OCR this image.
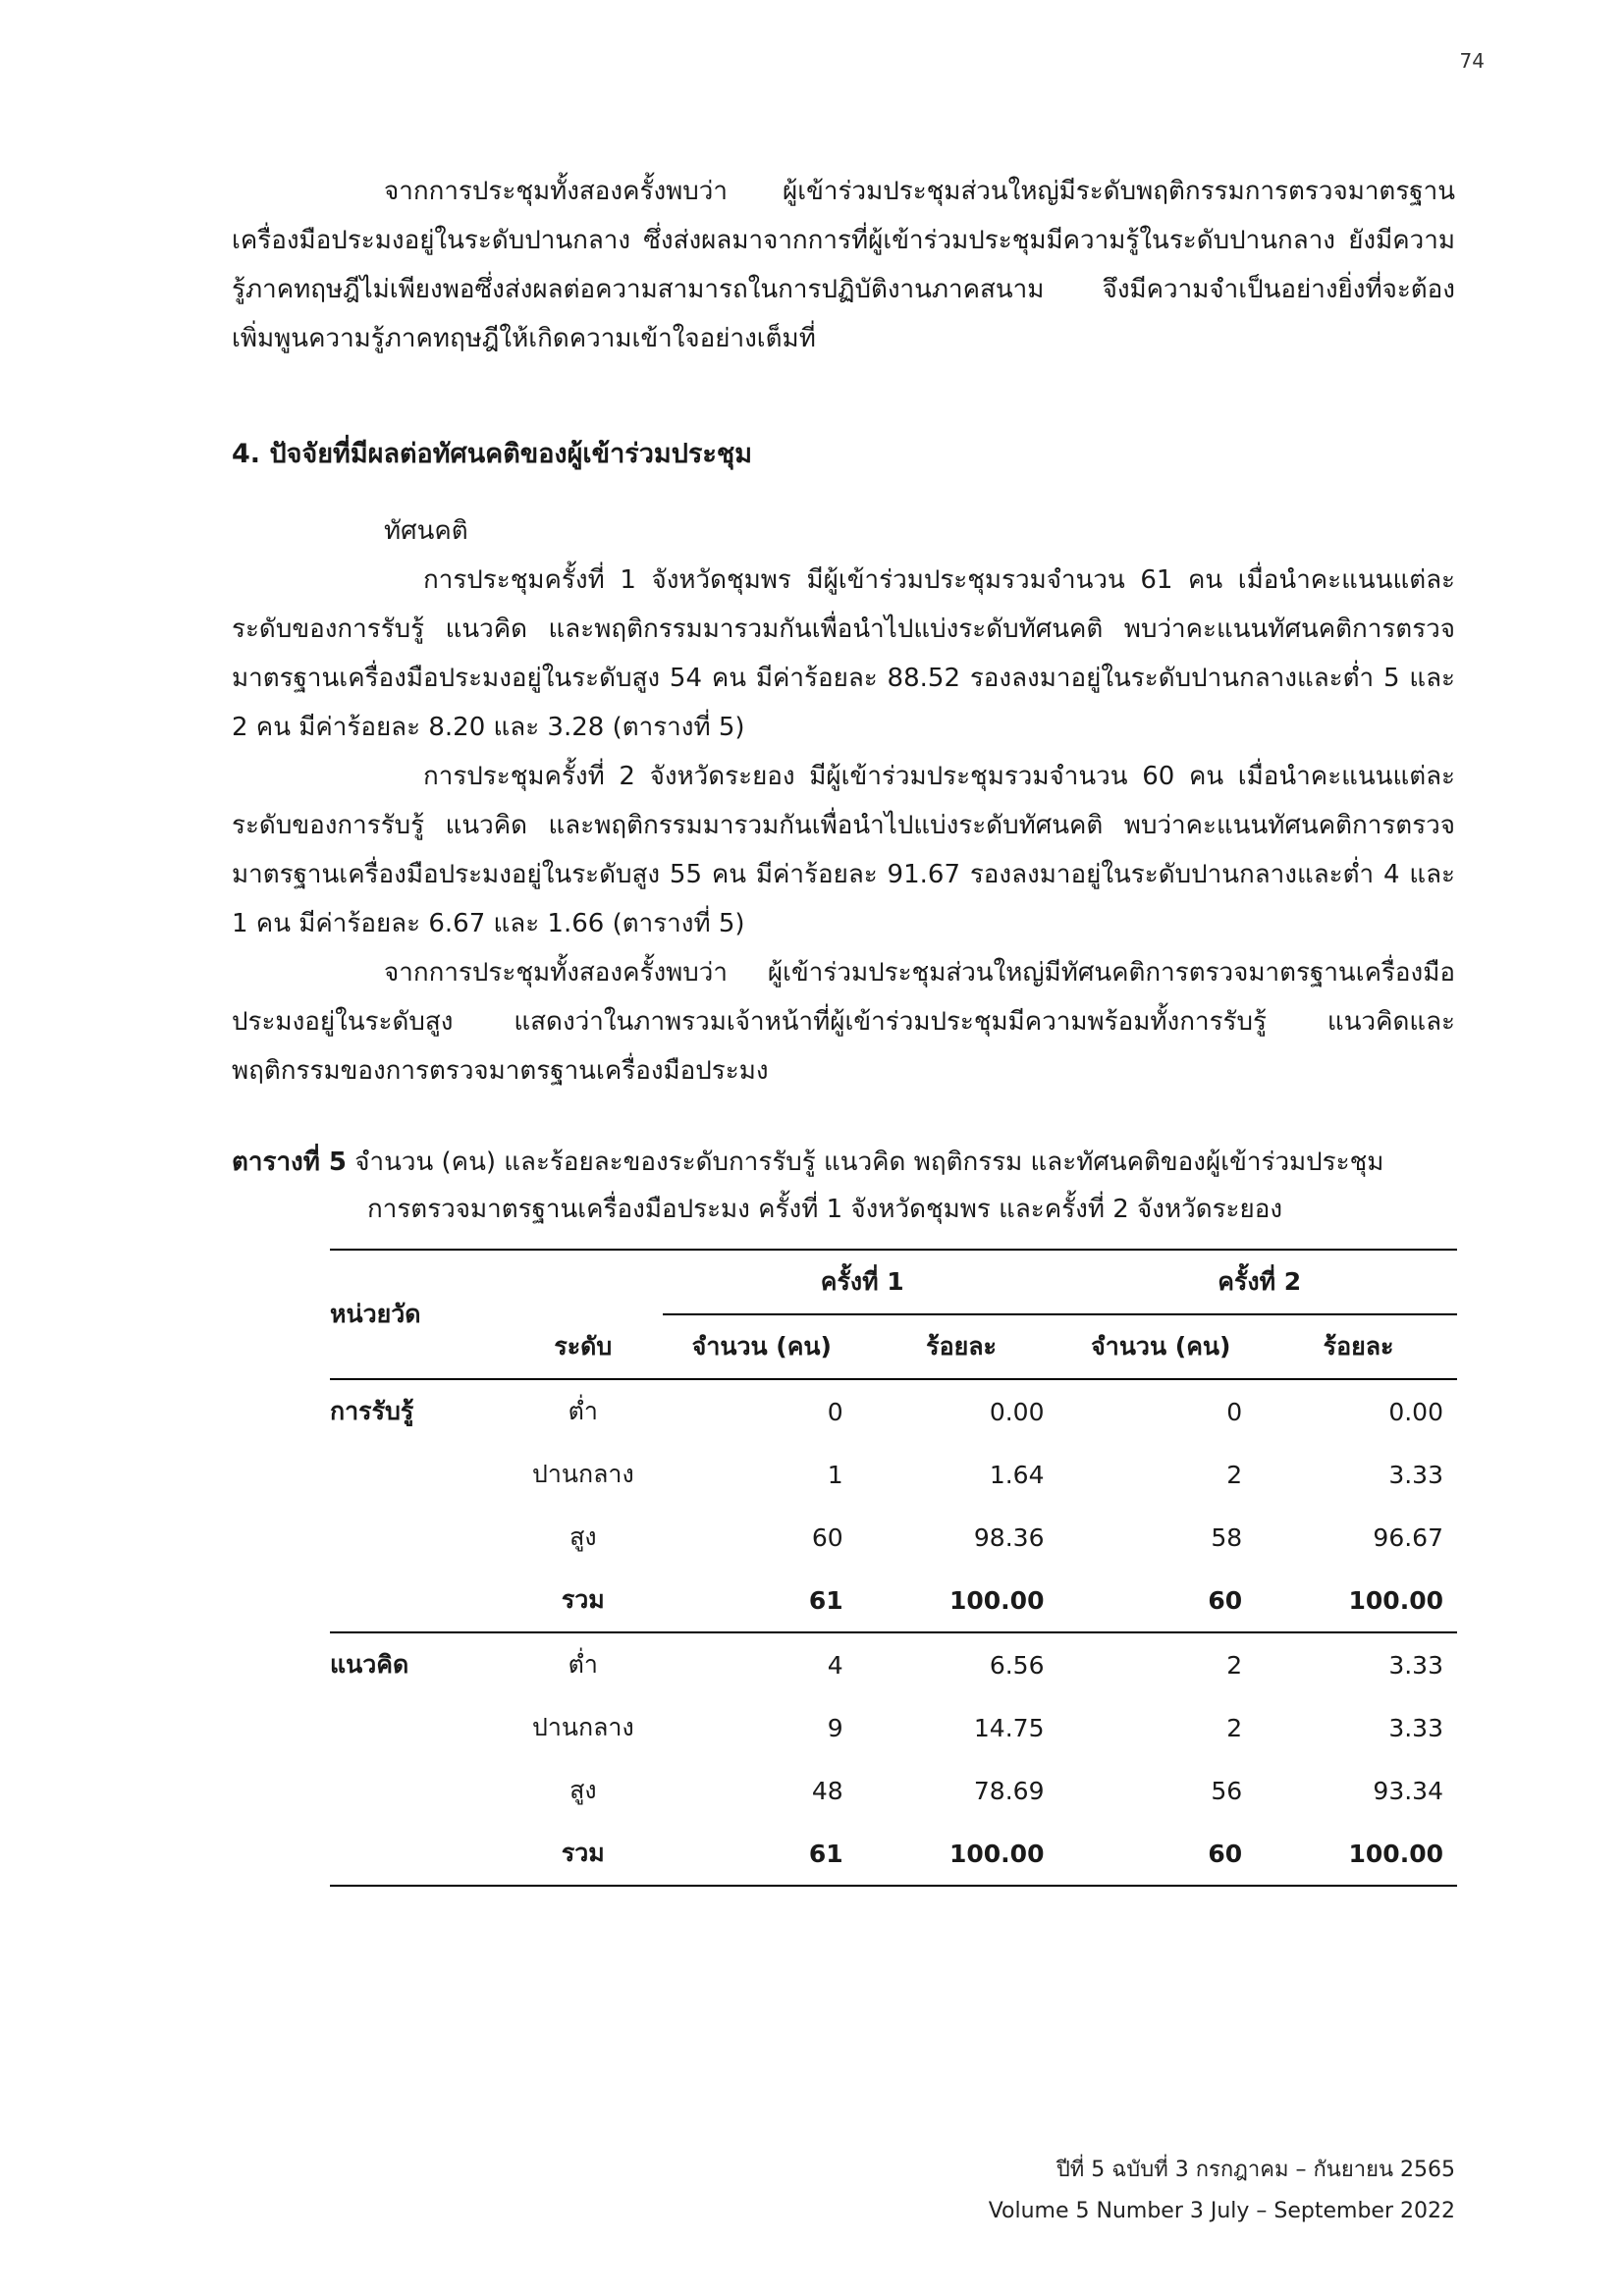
74

จากการประชุมทั้งสองครั้งพบว่า ผู้เข้าร่วมประชุมส่วนใหญ่มีระดับพฤติกรรมการตรวจมาตรฐานเครื่องมือประมงอยู่ในระดับปานกลาง ซึ่งส่งผลมาจากการที่ผู้เข้าร่วมประชุมมีความรู้ในระดับปานกลาง ยังมีความรู้ภาคทฤษฎีไม่เพียงพอซึ่งส่งผลต่อความสามารถในการปฏิบัติงานภาคสนาม จึงมีความจำเป็นอย่างยิ่งที่จะต้องเพิ่มพูนความรู้ภาคทฤษฎีให้เกิดความเข้าใจอย่างเต็มที่

4. ปัจจัยที่มีผลต่อทัศนคติของผู้เข้าร่วมประชุม

ทัศนคติ

การประชุมครั้งที่ 1 จังหวัดชุมพร มีผู้เข้าร่วมประชุมรวมจำนวน 61 คน เมื่อนำคะแนนแต่ละระดับของการรับรู้ แนวคิด และพฤติกรรมมารวมกันเพื่อนำไปแบ่งระดับทัศนคติ พบว่าคะแนนทัศนคติการตรวจมาตรฐานเครื่องมือประมงอยู่ในระดับสูง 54 คน มีค่าร้อยละ 88.52 รองลงมาอยู่ในระดับปานกลางและต่ำ 5 และ 2 คน มีค่าร้อยละ 8.20 และ 3.28 (ตารางที่ 5)

การประชุมครั้งที่ 2 จังหวัดระยอง มีผู้เข้าร่วมประชุมรวมจำนวน 60 คน เมื่อนำคะแนนแต่ละระดับของการรับรู้ แนวคิด และพฤติกรรมมารวมกันเพื่อนำไปแบ่งระดับทัศนคติ พบว่าคะแนนทัศนคติการตรวจมาตรฐานเครื่องมือประมงอยู่ในระดับสูง 55 คน มีค่าร้อยละ 91.67 รองลงมาอยู่ในระดับปานกลางและต่ำ 4 และ 1 คน มีค่าร้อยละ 6.67 และ 1.66 (ตารางที่ 5)

จากการประชุมทั้งสองครั้งพบว่า ผู้เข้าร่วมประชุมส่วนใหญ่มีทัศนคติการตรวจมาตรฐานเครื่องมือประมงอยู่ในระดับสูง แสดงว่าในภาพรวมเจ้าหน้าที่ผู้เข้าร่วมประชุมมีความพร้อมทั้งการรับรู้ แนวคิดและพฤติกรรมของการตรวจมาตรฐานเครื่องมือประมง

ตารางที่ 5 จำนวน (คน) และร้อยละของระดับการรับรู้ แนวคิด พฤติกรรม และทัศนคติของผู้เข้าร่วมประชุม
การตรวจมาตรฐานเครื่องมือประมง ครั้งที่ 1 จังหวัดชุมพร และครั้งที่ 2 จังหวัดระยอง
หน่วยวัด		ครั้งที่ 1		ครั้งที่ 2	
	ระดับ	จำนวน (คน)	ร้อยละ	จำนวน (คน)	ร้อยละ
การรับรู้	ต่ำ	0	0.00	0	0.00
	ปานกลาง	1	1.64	2	3.33
	สูง	60	98.36	58	96.67
	รวม	61	100.00	60	100.00
แนวคิด	ต่ำ	4	6.56	2	3.33
	ปานกลาง	9	14.75	2	3.33
	สูง	48	78.69	56	93.34
	รวม	61	100.00	60	100.00
ปีที่ 5 ฉบับที่ 3 กรกฎาคม – กันยายน 2565
Volume 5 Number 3 July – September 2022
